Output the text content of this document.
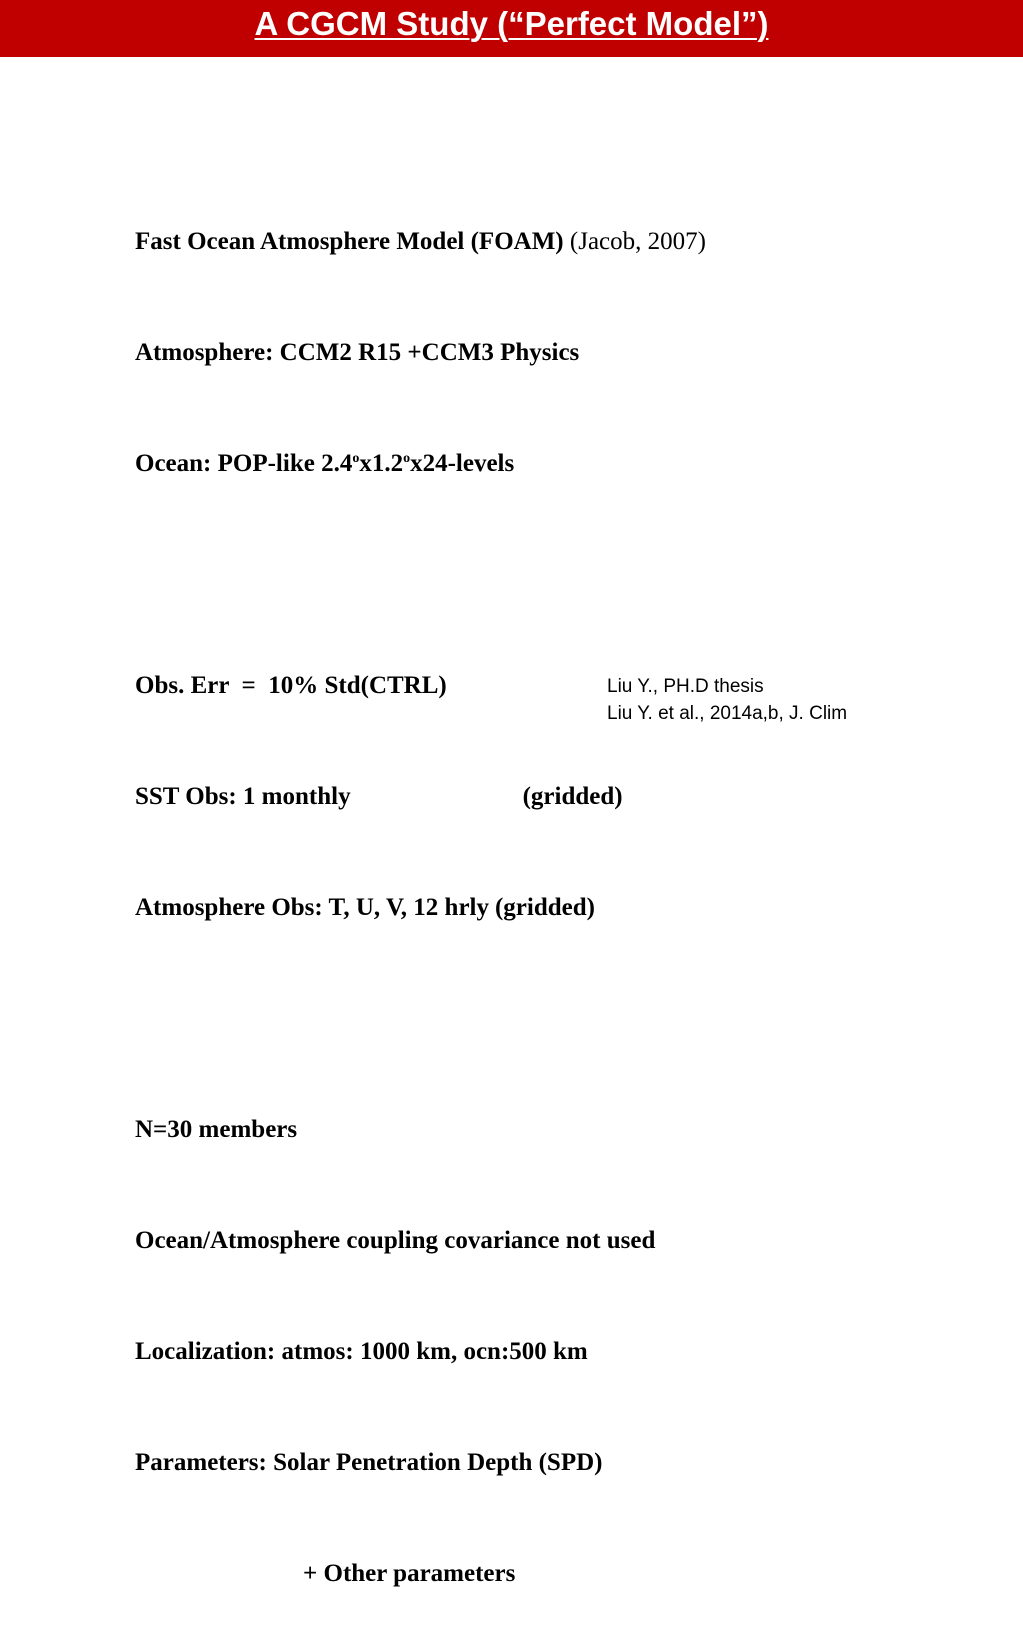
A CGCM Study (“Perfect Model”)

Fast Ocean Atmosphere Model (FOAM) (Jacob, 2007)

Atmosphere: CCM2 R15 +CCM3 Physics

Ocean: POP-like 2.4$^o$x1.2$^o$x24-levels

Obs. Err  =  10% Std(CTRL)

SST Obs: 1 monthly	(gridded)

Atmosphere Obs: T, U, V, 12 hrly (gridded)

N=30 members

Ocean/Atmosphere coupling covariance not used

Localization: atmos: 1000 km, ocn:500 km

Parameters: Solar Penetration Depth (SPD)

+ Other parameters

Liu Y., PH.D thesis
Liu Y. et al., 2014a,b, J. Clim
